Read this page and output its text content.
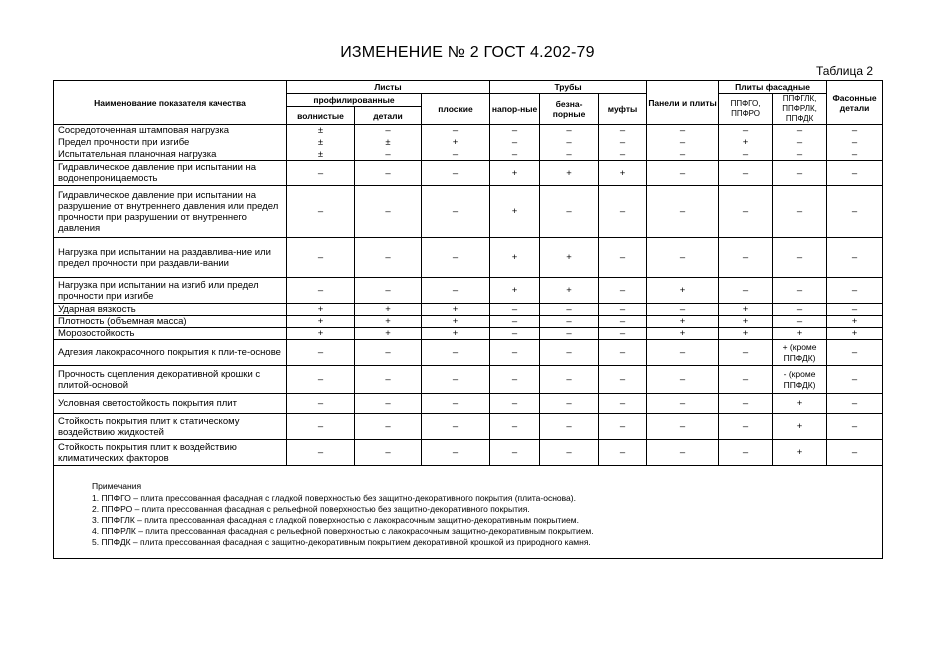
ИЗМЕНЕНИЕ № 2 ГОСТ 4.202-79
Таблица 2
Наименование показателя качества	Листы			Трубы			Панели и плиты	Плиты фасадные		Фасонные детали
	профилированные		плоские	напор-ные	безна-порные	муфты		ППФГО, ППФРО	ППФГЛК, ППФРЛК, ППФДК	
	волнистые	детали								
Сосредоточенная штамповая нагрузка	±	–	–	–	–	–	–	–	–	–
Предел прочности при изгибе	±	±	+	–	–	–	–	+	–	–
Испытательная планочная нагрузка	±	–	–	–	–	–	–	–	–	–
Гидравлическое давление при испытании на водонепроницаемость	–	–	–	+	+	+	–	–	–	–
Гидравлическое давление при испытании на разрушение от внутреннего давления или предел прочности при разрушении от внутреннего давления	–	–	–	+	–	–	–	–	–	–
Нагрузка при испытании на раздавлива-ние или предел прочности при раздавли-вании	–	–	–	+	+	–	–	–	–	–
Нагрузка при испытании на изгиб или предел прочности при изгибе	–	–	–	+	+	–	+	–	–	–
Ударная вязкость	+	+	+	–	–	–	–	+	–	–
Плотность (объемная масса)	+	+	+	–	–	–	+	+	–	+
Морозостойкость	+	+	+	–	–	–	+	+	+	+
Адгезия лакокрасочного покрытия к пли-те-основе	–	–	–	–	–	–	–	–	+ (кроме ППФДК)	–
Прочность сцепления декоративной крошки с плитой-основой	–	–	–	–	–	–	–	–	- (кроме ППФДК)	–
Условная светостойкость покрытия плит	–	–	–	–	–	–	–	–	+	–
Стойкость покрытия плит к статическому воздействию жидкостей	–	–	–	–	–	–	–	–	+	–
Стойкость покрытия плит к воздействию климатических факторов	–	–	–	–	–	–	–	–	+	–

Примечания
1. ППФГО – плита прессованная фасадная с гладкой поверхностью без защитно-декоративного покрытия (плита-основа).
2. ППФРО – плита прессованная фасадная с рельефной поверхностью без защитно-декоративного покрытия.
3. ППФГЛК – плита прессованная фасадная с гладкой поверхностью с лакокрасочным защитно-декоративным покрытием.
4. ППФРЛК – плита прессованная фасадная с рельефной поверхностью с лакокрасочным защитно-декоративным покрытием.
5. ППФДК – плита прессованная фасадная с защитно-декоративным покрытием декоративной крошкой из природного камня.
